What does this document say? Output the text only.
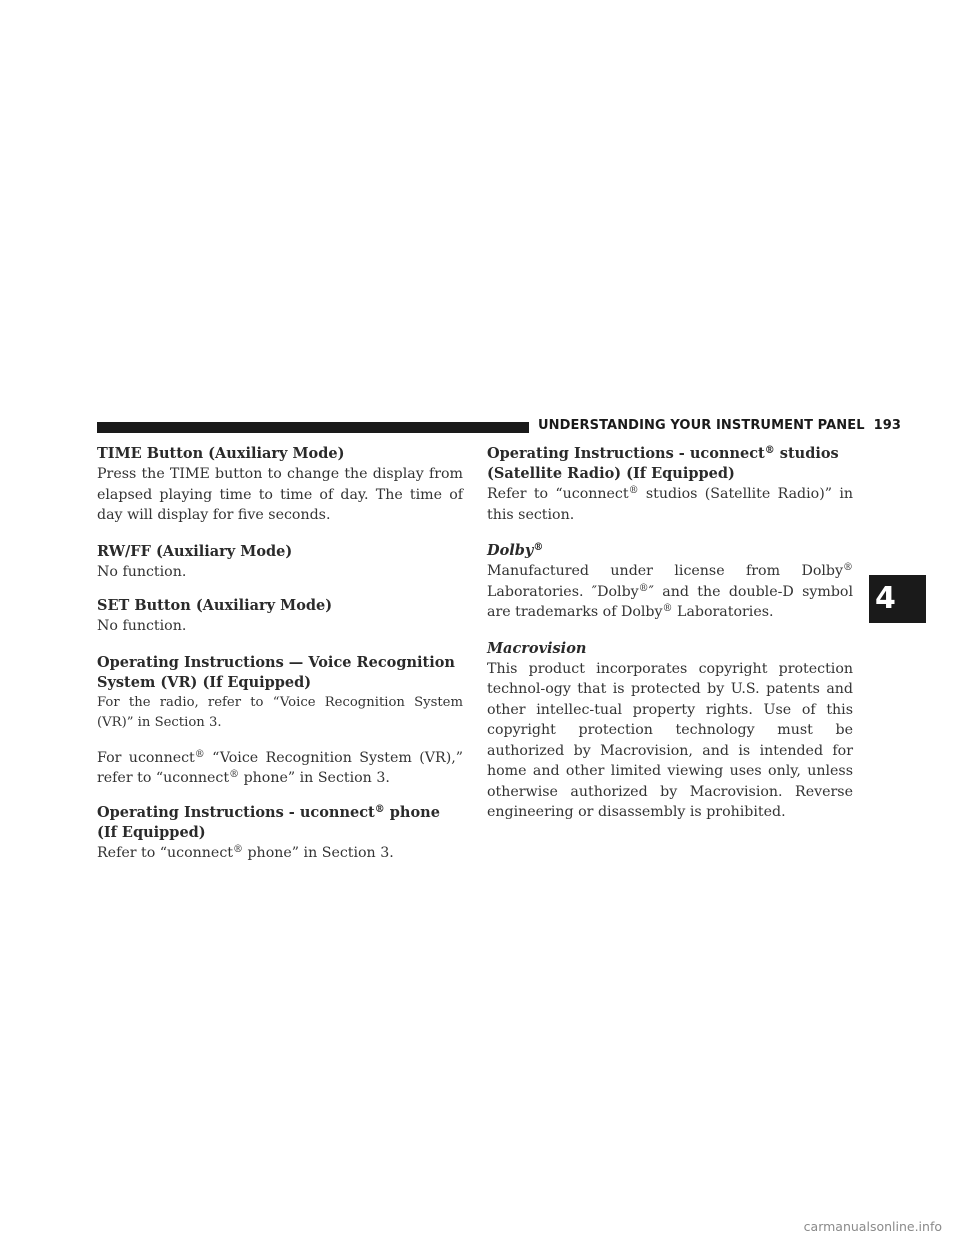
UNDERSTANDING YOUR INSTRUMENT PANEL 193
TIME Button (Auxiliary Mode)

Press the TIME button to change the display from elapsed playing time to time of day. The time of day will display for five seconds.

RW/FF (Auxiliary Mode)

No function.

SET Button (Auxiliary Mode)

No function.

Operating Instructions — Voice Recognition
System (VR) (If Equipped)

For the radio, refer to “Voice Recognition System (VR)” in Section 3.

For uconnect® “Voice Recognition System (VR),” refer to “uconnect® phone” in Section 3.

Operating Instructions - uconnect® phone (If Equipped)

Refer to “uconnect® phone” in Section 3.

Operating Instructions - uconnect® studios
(Satellite Radio) (If Equipped)

Refer to “uconnect® studios (Satellite Radio)” in this section.

Dolby®

Manufactured under license from Dolby® Laboratories. ″Dolby®″ and the double-D symbol are trademarks of Dolby® Laboratories.

Macrovision

This product incorporates copyright protection technol-ogy that is protected by U.S. patents and other intellec-tual property rights. Use of this copyright protection technology must be authorized by Macrovision, and is intended for home and other limited viewing uses only, unless otherwise authorized by Macrovision. Reverse engineering or disassembly is prohibited.

4
carmanualsonline.info
